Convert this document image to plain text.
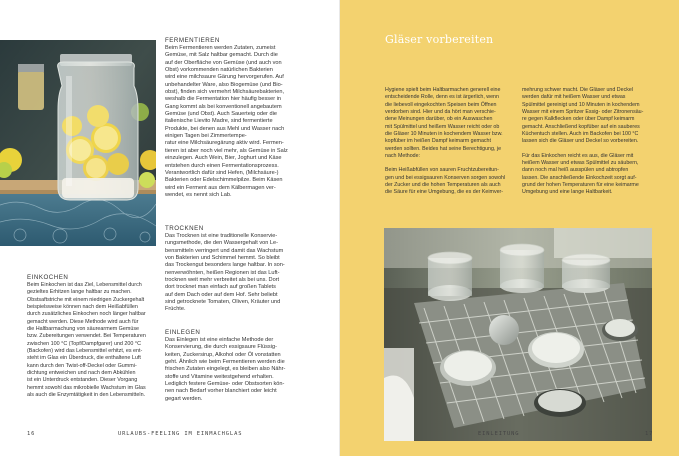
FERMENTIEREN

Beim Fermentieren werden Zutaten, zumeist

Gemüse, mit Salz haltbar gemacht. Durch die

auf der Oberfläche von Gemüse (und auch von

Obst) vorkommenden natürlichen Bakterien

wird eine milchsaure Gärung hervorgerufen. Auf

unbehandelter Ware, also Biogemüse (und Bio-

obst), finden sich vermehrt Milchsäurebakterien,

weshalb die Fermentation hier häufig besser in

Gang kommt als bei konventionell angebautem

Gemüse (und Obst). Auch Sauerteig oder die

italienische Lievito Madre, sind fermentierte

Produkte, bei denen aus Mehl und Wasser nach

einigen Tagen bei Zimmertempe-

ratur eine Milchsäuregärung aktiv wird. Fermen-

tieren ist aber noch viel mehr, als Gemüse in Salz

einzulegen. Auch Wein, Bier, Joghurt und Käse

entstehen durch einen Fermentationsprozess.

Verantwortlich dafür sind Hefen, (Milchsäure-)

Bakterien oder Edelschimmelpilze. Beim Käsen

wird ein Ferment aus dem Kälbermagen ver-

wendet, es nennt sich Lab.

TROCKNEN

Das Trocknen ist eine traditionelle Konservie-

rungsmethode, die den Wassergehalt von Le-

bensmitteln verringert und damit das Wachstum

von Bakterien und Schimmel hemmt. So bleibt

das Trockengut besonders lange haltbar. In son-

nenverwöhnten, heißen Regionen ist das Luft-

trocknen weit mehr verbreitet als bei uns. Dort

dort trocknet man einfach auf großen Tablets

auf dem Dach oder auf dem Hof. Sehr beliebt

sind getrocknete Tomaten, Oliven, Kräuter und

Früchte.

EINLEGEN

Das Einlegen ist eine einfache Methode der

Konservierung, die durch essigsaure Flüssig-

keiten, Zuckersirup, Alkohol oder Öl vonstatten

geht. Ähnlich wie beim Fermentieren werden die

frischen Zutaten eingelegt, es bleiben also Nähr-

stoffe und Vitamine weitestgehend erhalten.

Lediglich festere Gemüse- oder Obstsorten kön-

nen nach Bedarf vorher blanchiert oder leicht

gegart werden.

EINKOCHEN

Beim Einkochen ist das Ziel, Lebensmittel durch

gezieltes Erhitzen lange haltbar zu machen.

Obstsaftstriche mit einem niedrigen Zuckergehalt

beispielsweise können nach dem Heißabfüllen

durch zusätzliches Einkochen noch länger haltbar

gemacht werden. Diese Methode wird auch für

die Haltbarmachung von säurearmem Gemüse

bzw. Zubereitungen verwendet. Bei Temperaturen

zwischen 100 °C (Topf/Dampfgarer) und 200 °C

(Backofen) wird das Lebensmittel erhitzt, es ent-

steht im Glas ein Überdruck, die enthaltene Luft

kann durch den Twist-off-Deckel oder Gummi-

dichtung entweichen und nach dem Abkühlen

ist ein Unterdruck entstanden. Dieser Vorgang

hemmt sowohl das mikrobielle Wachstum im Glas

als auch die Enzymtätigkeit in den Lebensmitteln.

16	URLAUBS-FEELING IM EINMACHGLAS
Gläser vorbereiten

Hygiene spielt beim Haltbarmachen generell eine

entscheidende Rolle, denn es ist ärgerlich, wenn

die liebevoll eingekochten Speisen beim Öffnen

verdorben sind. Hier und da hört man verschie-

dene Meinungen darüber, ob ein Auswaschen

mit Spülmittel und heißem Wasser reicht oder ob

die Gläser 10 Minuten in kochendem Wasser bzw.

kopfüber im heißen Dampf keimarm gemacht

werden sollten. Beides hat seine Berechtigung, je

nach Methode:

Beim Heißabfüllen von sauren Fruchtzubereitun-

gen und bei essigsauren Konserven sorgen sowohl

der Zucker und die hohen Temperaturen als auch

die Säure für eine Umgebung, die es der Keimver-

mehrung schwer macht. Die Gläser und Deckel

werden dafür mit heißem Wasser und etwas

Spülmittel gereinigt und 10 Minuten in kochendem

Wasser mit einem Spritzer Essig- oder Zitronensäu-

re gegen Kalkflecken oder über Dampf keimarm

gemacht. Anschließend kopfüber auf ein sauberes

Küchentuch stellen. Auch im Backofen bei 100 °C

lassen sich die Gläser und Deckel so vorbereiten.

Für das Einkochen reicht es aus, die Gläser mit

heißem Wasser und etwas Spülmittel zu säubern,

dann noch mal heiß ausspülen und abtropfen

lassen. Die anschließende Einkochzeit sorgt auf-

grund der hohen Temperaturen für eine keimarme

Umgebung und eine lange Haltbarkeit.

EINLEITUNG	17
